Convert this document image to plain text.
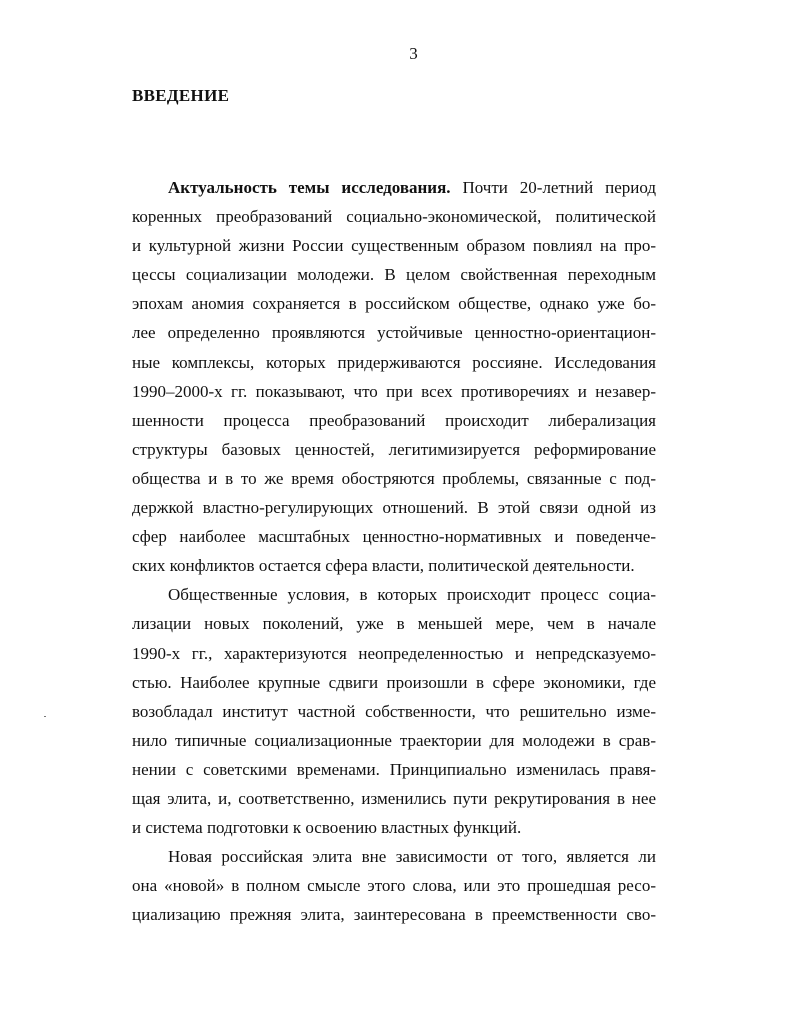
3
ВВЕДЕНИЕ
Актуальность темы исследования. Почти 20-летний период
коренных преобразований социально-экономической, политической
и культурной жизни России существенным образом повлиял на про-
цессы социализации молодежи. В целом свойственная переходным
эпохам аномия сохраняется в российском обществе, однако уже бо-
лее определенно проявляются устойчивые ценностно-ориентацион-
ные комплексы, которых придерживаются россияне. Исследования
1990–2000-х гг. показывают, что при всех противоречиях и незавер-
шенности процесса преобразований происходит либерализация
структуры базовых ценностей, легитимизируется реформирование
общества и в то же время обостряются проблемы, связанные с под-
держкой властно-регулирующих отношений. В этой связи одной из
сфер наиболее масштабных ценностно-нормативных и поведенче-
ских конфликтов остается сфера власти, политической деятельности.
Общественные условия, в которых происходит процесс социа-
лизации новых поколений, уже в меньшей мере, чем в начале
1990-х гг., характеризуются неопределенностью и непредсказуемо-
стью. Наиболее крупные сдвиги произошли в сфере экономики, где
возобладал институт частной собственности, что решительно изме-
нило типичные социализационные траектории для молодежи в срав-
нении с советскими временами. Принципиально изменилась правя-
щая элита, и, соответственно, изменились пути рекрутирования в нее
и система подготовки к освоению властных функций.
Новая российская элита вне зависимости от того, является ли
она «новой» в полном смысле этого слова, или это прошедшая ресо-
циализацию прежняя элита, заинтересована в преемственности сво-
